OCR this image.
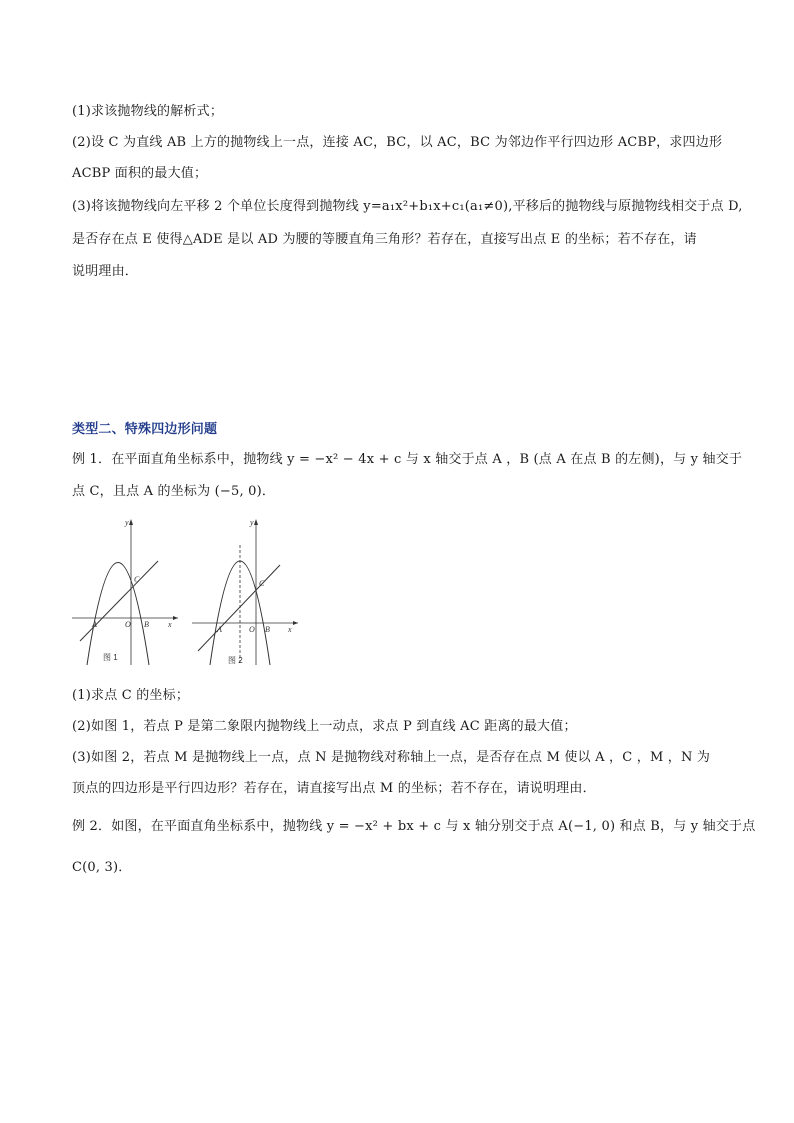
(1)求该抛物线的解析式；
(2)设 C 为直线 AB 上方的抛物线上一点，连接 AC，BC，以 AC，BC 为邻边作平行四边形 ACBP，求四边形
ACBP 面积的最大值；
(3)将该抛物线向左平移 2 个单位长度得到抛物线 y=a₁x²+b₁x+c₁(a₁≠0),平移后的抛物线与原抛物线相交于点 D,
是否存在点 E 使得△ADE 是以 AD 为腰的等腰直角三角形？若存在，直接写出点 E 的坐标；若不存在，请
说明理由．
类型二、特殊四边形问题
例 1．在平面直角坐标系中，抛物线 y = −x² − 4x + c 与 x 轴交于点 A ，B (点 A 在点 B 的左侧)，与 y 轴交于
点 C，且点 A 的坐标为 (−5, 0)．
y
x
A	O B
C
图 1
y
x
A	O B
C
图 2
(1)求点 C 的坐标；
(2)如图 1，若点 P 是第二象限内抛物线上一动点，求点 P 到直线 AC 距离的最大值；
(3)如图 2，若点 M 是抛物线上一点，点 N 是抛物线对称轴上一点，是否存在点 M 使以 A ，C ，M ，N 为
顶点的四边形是平行四边形？若存在，请直接写出点 M 的坐标；若不存在，请说明理由．
例 2．如图，在平面直角坐标系中，抛物线 y = −x² + bx + c 与 x 轴分别交于点 A(−1, 0) 和点 B，与 y 轴交于点
C(0, 3)．
